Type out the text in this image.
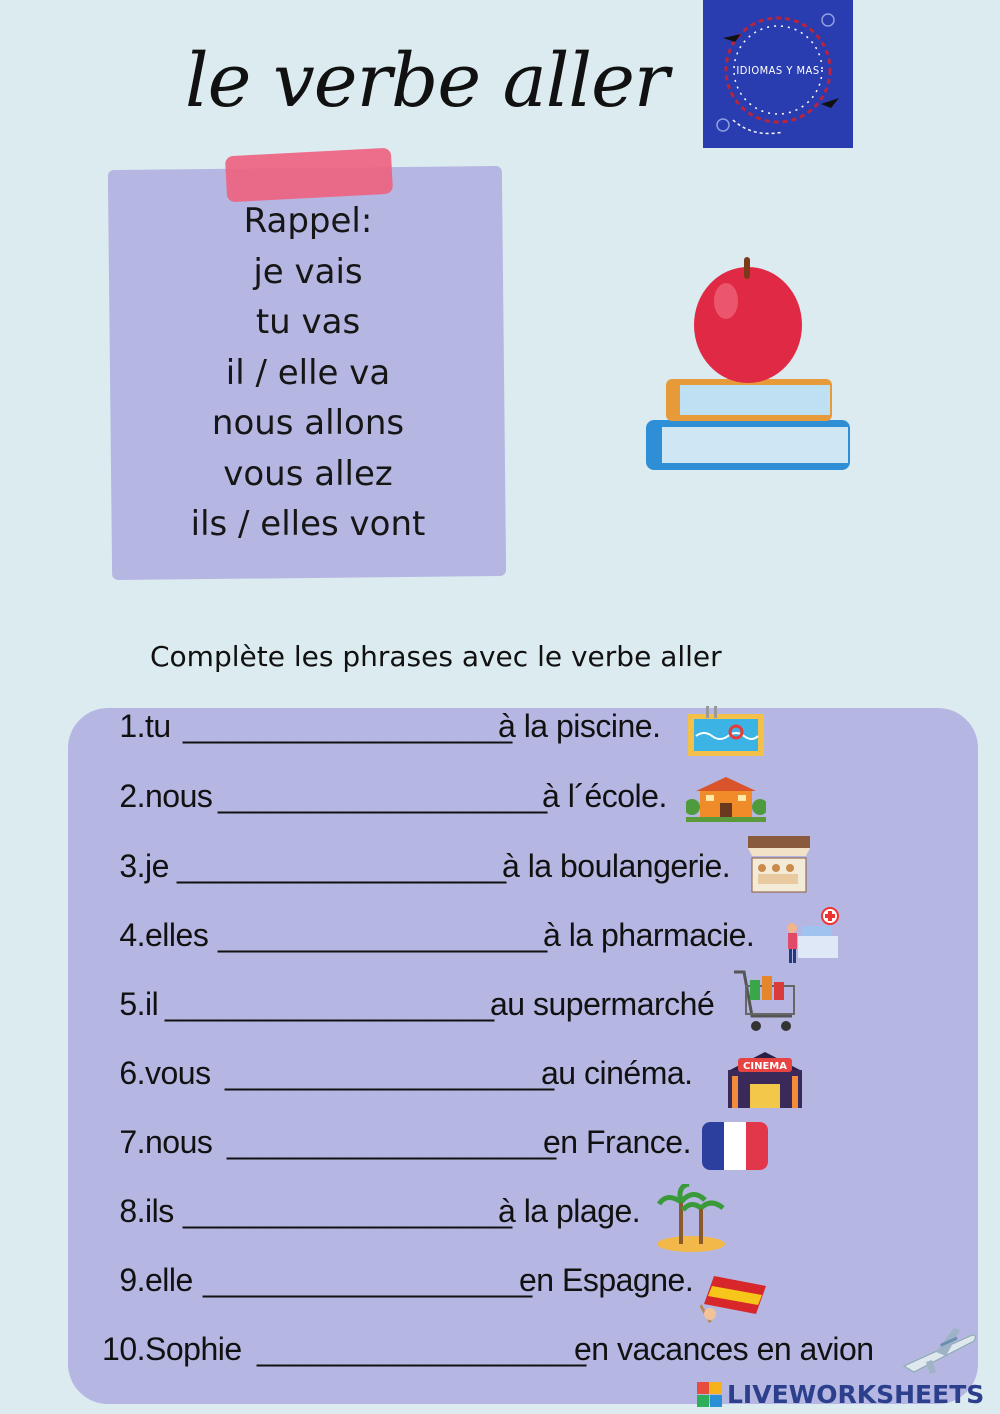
le verbe aller	IDIOMAS Y MAS
Rappel:
je vais
tu vas
il / elle va
nous allons
vous allez
ils / elles vont
Complète les phrases avec le verbe aller
1. tu ___________________
à la piscine.
2. nous ___________________
à l´école.
3. je ___________________
à la boulangerie.
4. elles ___________________
à la pharmacie.
5. il ___________________
au supermarché
6. vous ___________________
au cinéma.	CINEMA
7. nous ___________________
en France.
8. ils ___________________
à la plage.
9. elle ___________________
en Espagne.
10. Sophie ___________________
en vacances en avion
LIVEWORKSHEETS
